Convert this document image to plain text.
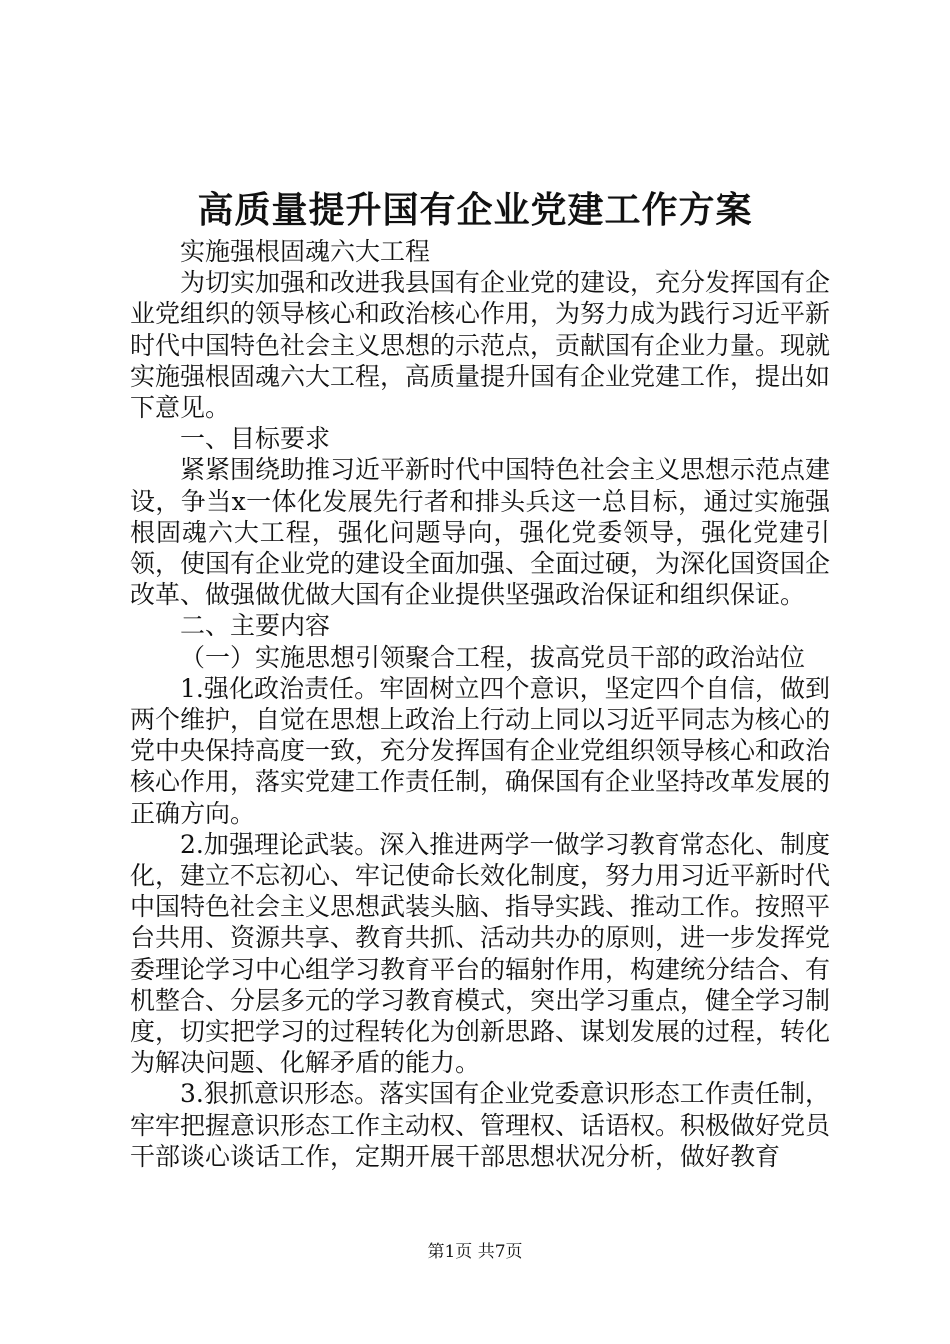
高质量提升国有企业党建工作方案

实施强根固魂六大工程

为切实加强和改进我县国有企业党的建设，充分发挥国有企业党组织的领导核心和政治核心作用，为努力成为践行习近平新时代中国特色社会主义思想的示范点，贡献国有企业力量。现就实施强根固魂六大工程，高质量提升国有企业党建工作，提出如下意见。

一、目标要求

紧紧围绕助推习近平新时代中国特色社会主义思想示范点建设，争当x一体化发展先行者和排头兵这一总目标，通过实施强根固魂六大工程，强化问题导向，强化党委领导，强化党建引领，使国有企业党的建设全面加强、全面过硬，为深化国资国企改革、做强做优做大国有企业提供坚强政治保证和组织保证。

二、主要内容

（一）实施思想引领聚合工程，拔高党员干部的政治站位

1.强化政治责任。牢固树立四个意识，坚定四个自信，做到两个维护，自觉在思想上政治上行动上同以习近平同志为核心的党中央保持高度一致，充分发挥国有企业党组织领导核心和政治核心作用，落实党建工作责任制，确保国有企业坚持改革发展的正确方向。

2.加强理论武装。深入推进两学一做学习教育常态化、制度化，建立不忘初心、牢记使命长效化制度，努力用习近平新时代中国特色社会主义思想武装头脑、指导实践、推动工作。按照平台共用、资源共享、教育共抓、活动共办的原则，进一步发挥党委理论学习中心组学习教育平台的辐射作用，构建统分结合、有机整合、分层多元的学习教育模式，突出学习重点，健全学习制度，切实把学习的过程转化为创新思路、谋划发展的过程，转化为解决问题、化解矛盾的能力。

3.狠抓意识形态。落实国有企业党委意识形态工作责任制，牢牢把握意识形态工作主动权、管理权、话语权。积极做好党员干部谈心谈话工作，定期开展干部思想状况分析，做好教育

第1页 共7页
